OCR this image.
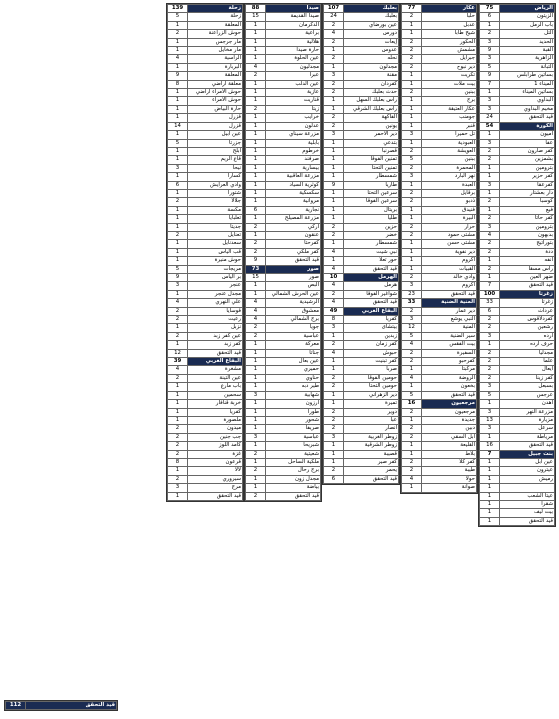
75	الرياض
6	الزيتون
1	باب الرمل
2	التل
3	الحديد
9	القبة
3	الزاهرية
5	التبانة
9	بساتين طرابلس
7	الميناء 1
1	بساتين الميناء
3	البداوي
3	مخيم البداوي
24	قيد التحقق
54	الكورة
1	اميون
3	عفا
2	كفر صارون
2	بشمزين
1	بترومين
1	كفر حزير
3	كفرعقا
1	دار بعشتار
2	كوسبا
1	فيع
2	كفر حاتا
3	بترومين
4	بدبهون
2	بتوراتيج
2	ددة
1	انفه
2	راس مسقا
1	ضهر العين
7	قيد التحقق
100	زغرتا
33	زغرتا
6	عرداث
2	كفردلاقوس
2	رشعين
3	ارده
1	حرف ارده
2	مجدليا
2	علما
2	ايعال
2	كفر زينا
3	بسبعل
5	عرجس
1	اهدن
3	مزرعة النهر
13	مزيارة
3	سرعل
1	مرياطة
16	قيد التحقق
7	بنت جبيل
1	عين ابل
1	عيترون
1	رميش
1	
1	عيتا الشعب
1	شقرا
1	بيت ليف
1	قيد التحقق
77	عكار
2	حلبا
1	عدبل
1	شيخ طابا
2	الحكور
2	مشمش
2	جبرايل
2	دير نبوح
1	تكريت
1	بيت ملات
2	ببنين
1	برج
1	عكار العتيقة
1	جومنب
1	قنبر
3	تل حميرا
1	العبودية
2	العويشة
5	ببنين
2	المحمرة
3	نهر البارد
1	العبدة
2	برقايل
2	ذدبو
1	فنيدق
1	البيرة
2	حرار
2	مشتى حمود
1	مشتى حسن
1	دير نفوية
1	اكروم
1	القبيات
2	وادي خالد
3	اكروم
23	قيد التحقق
33	المنية الضنية
2	دير عمار
3	النبي يوشع
12	المنية
5	سير الضنية
4	بيت الفقس
2	السفيرة
2	كفرحبو
1	مركبتا
4	الروضة
1	بخعون
5	قيد التحقق
16	مرجعيون
2	مرجعيون
1	جديدة
2	دبين
2	ابل السقي
1	القليعة
1	بلاط
2	كفر كلا
2	طيبة
4	حولا
1	صوانة
107	بعلبك
24	بعلبك
2	عين بورضاي
4	دورس
2	إيعات
1	عدوس
2	نحله
1	مجدلون
3	مقنة
2	كفردان
2	حدث بعلبك
1	راس بعلبك السهل
1	راس بعلبك الشرقي
2	الفاكهة
2	يونين
3	دير الاحمر
1	بتدعي
1	قصرنبا
1	تمنين الفوقا
1	تمنين التحتا
1	شمسطار
9	طاريا
1	سرعين التحتا
1	سرعين الفوقا
1	بريتال
1	طليا
2	حزين
2	خضر
1	شمسطار
4	نبي شيت
1	حور تعلا
4	قيد التحقق
10	الهرمل
4	هرمل
2	شواغير الفوقا
4	قيد التحقق
49	البقاع الغربي
8	كفريا
3	بيتشاى
1	زبدين
2	كفر زمان
4	حبوش
1	كفر تبنيت
1	صربا
2	حومين الفوقا
2	حومين التحتا
1	دير الزهراني
1	تميرة
2	دوير
2	عبا
2	انصار
3	زوطر الغربية
1	زوطر الشرقية
1	قصيبة
1	كفر صير
2	يحمر
6	قيد التحقق
88	صيدا
15	صيدا القديمة
1	الدكرمان
1	براعية
1	هلالية
1	حارة صيدا
1	عين الحلوة
4	مجدليون
2	عبرا
1	عين الدلب
1	عازية
1	قناريت
2	زيتا
1	خرايب
1	عدلون
1	مزرعة سيناي
1	بابلية
1	خرطوم
1	صرفند
1	بيسارية
1	مزرعة العاقبية
1	كوثرية السياد
1	سكسكية
1	مروانية
6	نجارية
1	مزرعة المصيلح
2	اركي
1	عنقون
2	كفرحتا
2	كفر ملكي
9	قيد التحقق
73	صور
15	صور
1	البص
1	عين الحرش الشمالي
4	الرشيدية
4	معشوق
4	برج الشمالي
2	جويا
2	عباسية
1	معركة
1	جناتا
1	عين بعال
1	حميري
1	حناوي
1	طير دبه
3	شهابية
1	ارزون
1	طورا
1	شحور
1	صريفا
3	عباسية
1	شبريحا
2	شعيتية
1	ملكية الساحل
2	برج رحال
1	مجدل زون
1	بياضة
2	قيد التحقق
139	زحلة
5	زحلة
1	المعلقة
2	حوش الزراعنة
1	مار جرجس
1	مار مخايل
4	الراسية
1	البربارة
9	المعلقة
8	معلقة اراضي
1	حوش الامراء اراضي
1	حوش الامراء
1	حارة البياض
1	قزرل
14	قزرل
1	عين ابيل
5	جزرتا
1	ابلح
1	قاع الريم
3	نيحا
1	كسارا
6	وادي العرايش
1	شتورا
2	جلالا
1	مكسة
1	تعلبايا
1	جديتا
2	تعنايل
1	سعدنايل
1	قب الياس
1	حوش منيرة
5	مريجات
9	بر الياس
3	عنجر
1	مجدل عنجر
4	علي النهري
2	قوسايا
2	رعيت
1	نزبل
2	عين كفر زبد
1	كفر زبد
12	قيد التحقق
39	البقاع الغربي
4	مشغرة
2	عين التينة
1	باب مارع
1	سحمين
1	خربة قنافار
1	كفريا
1	ملصورة
2	ميدون
2	جب جنين
2	كامد اللوز
2	غزة
8	قرعون
1	لالا
2	سيروري
3	مرج
1	قيد التحقق
112	قيد التحقق
